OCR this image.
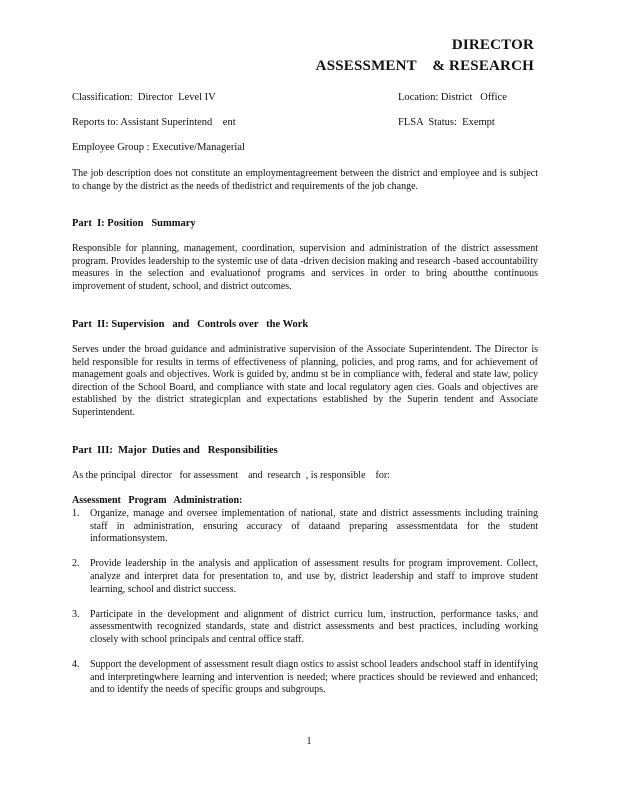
DIRECTOR
ASSESSMENT    & RESEARCH
Classification:  Director  Level IV	Location: District   Office
Reports to: Assistant Superintend    ent	FLSA  Status:  Exempt
Employee Group : Executive/Managerial

The job description does not constitute an employmentagreement between the district and employee and is subject to change by the district as the needs of thedistrict and requirements of the job change.

Part  I: Position   Summary

Responsible for planning, management, coordination, supervision and administration of the district assessment program. Provides leadership to the systemic use of data -driven decision making and research -based accountability measures in the selection and evaluationof programs and services in order to bring aboutthe continuous improvement of student, school, and district outcomes.

Part  II: Supervision   and   Controls over   the Work

Serves under the broad guidance and administrative supervision of the Associate Superintendent. The Director is held responsible for results in terms of effectiveness of planning, policies, and prog rams, and for achievement of management goals and objectives. Work is guided by, andmu st be in compliance with, federal and state law, policy direction of the School Board, and compliance with state and local regulatory agen cies. Goals and objectives are established by the district strategicplan and expectations established by the Superin tendent and Associate Superintendent.

Part  III:  Major  Duties and   Responsibilities
As the principal  director   for assessment    and  research  , is responsible    for:
Assessment   Program   Administration:
1. Organize, manage and oversee implementation of national, state and district assessments including training staff in administration, ensuring accuracy of dataand preparing assessmentdata for the student informationsystem.
2. Provide leadership in the analysis and application of assessment results for program improvement. Collect, analyze and interpret data for presentation to, and use by, district leadership and staff to improve student learning, school and district success.
3. Participate in the development and alignment of district curricu lum, instruction, performance tasks, and assessmentwith recognized standards, state and district assessments and best practices, including working closely with school principals and central office staff.
4. Support the development of assessment result diagn ostics to assist school leaders andschool staff in identifying and interpretingwhere learning and intervention is needed; where practices should be reviewed and enhanced; and to identify the needs of specific groups and subgroups.
1
